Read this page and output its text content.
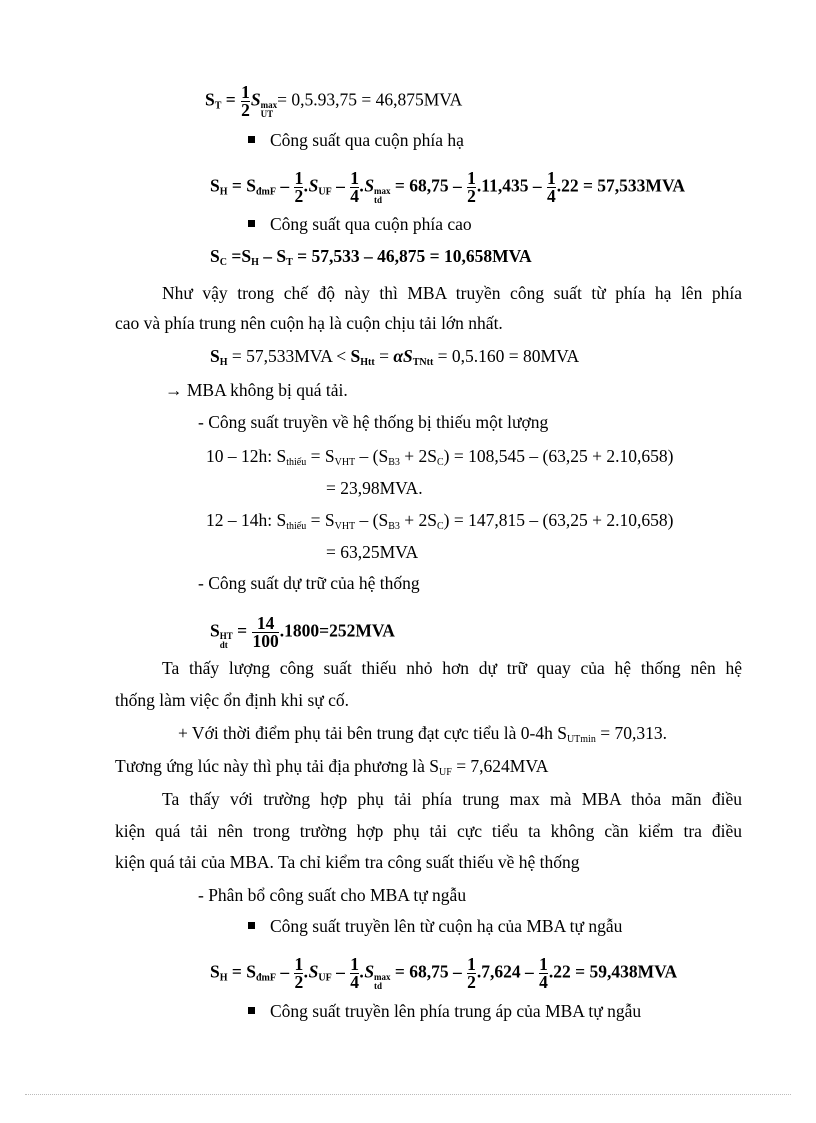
$S_T = \frac{1}{2}$ S max
UT
= 0,5.93,75 = 46,875MVA
Công suất qua cuộn phía hạ
$S_H = S_{đmF} - \frac{1}{2} .S_{UF} - \frac{1}{4} .S$ max
td
= $68,75 - \frac{1}{2} .11,435 - \frac{1}{4} .22 = 57,533MVA$
Công suất qua cuộn phía cao
$S_C =S_H - S_T = 57,533 - 46,875 = 10,658MVA$
Như vậy trong chế độ này thì MBA truyền công suất từ phía hạ lên phía
cao và phía trung nên cuộn hạ là cuộn chịu tải lớn nhất.
$S_H = 57,533MVA < S_{Htt} = \alpha S_{TNtt} = 0,5.160 = 80MVA$
→ MBA không bị quá tải.
- Công suất truyền về hệ thống bị thiếu một lượng
10 – 12h: $S_{thiếu} = S_{VHT} - (S_{B3} + 2S_C) = 108,545 - (63,25 + 2.10,658)$
= 23,98MVA.
12 – 14h: $S_{thiếu} = S_{VHT} - (S_{B3} + 2S_C) = 147,815 - (63,25 + 2.10,658)$
= 63,25MVA
- Công suất dự trữ của hệ thống
S HT
dt
= $\frac{14}{100} .1800=252MVA$
Ta thấy lượng công suất thiếu nhỏ hơn dự trữ quay của hệ thống nên hệ
thống làm việc ổn định khi sự cố.
+ Với thời điểm phụ tải bên trung đạt cực tiểu là 0-4h $S_{UTmin} = 70,313$.
Tương ứng lúc này thì phụ tải địa phương là $S_{UF} = 7,624MVA$
Ta thấy với trường hợp phụ tải phía trung max mà MBA thỏa mãn điều
kiện quá tải nên trong trường hợp phụ tải cực tiểu ta không cần kiểm tra điều
kiện quá tải của MBA. Ta chỉ kiểm tra công suất thiếu về hệ thống
- Phân bổ công suất cho MBA tự ngẫu
Công suất truyền lên từ cuộn hạ của MBA tự ngẫu
$S_H = S_{đmF} - \frac{1}{2} .S_{UF} - \frac{1}{4} .S$ max
td
= $68,75 - \frac{1}{2} .7,624 - \frac{1}{4} .22 = 59,438MVA$
Công suất truyền lên phía trung áp của MBA tự ngẫu
